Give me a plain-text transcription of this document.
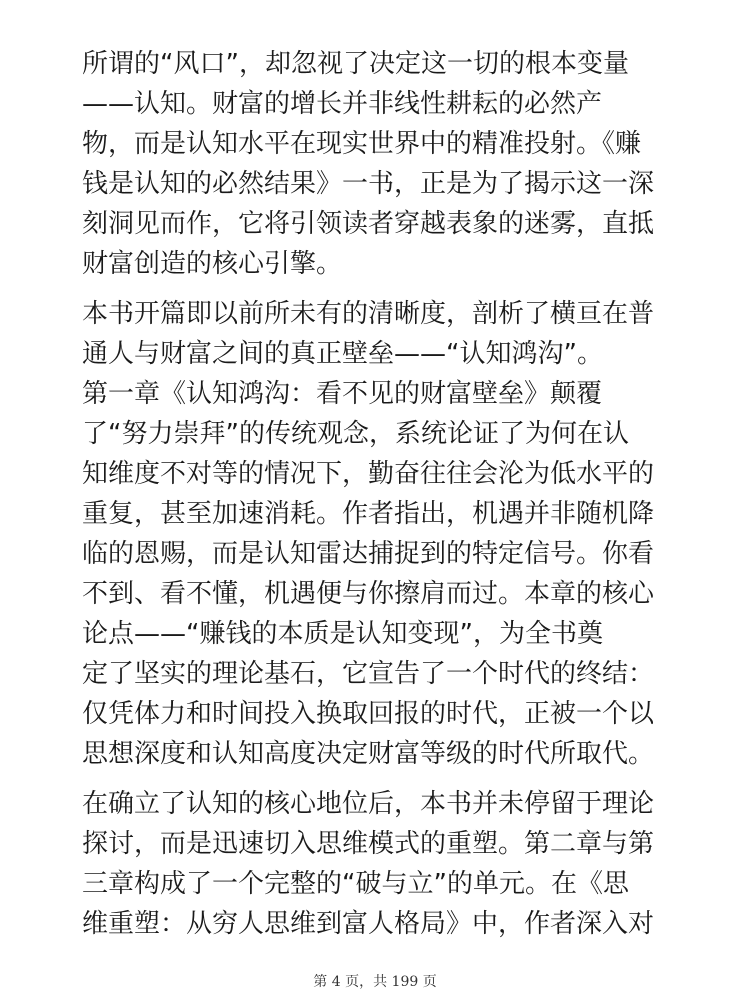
所谓的“风口”，却忽视了决定这一切的根本变量
——认知。财富的增长并非线性耕耘的必然产
物，而是认知水平在现实世界中的精准投射。《赚
钱是认知的必然结果》一书，正是为了揭示这一深
刻洞见而作，它将引领读者穿越表象的迷雾，直抵
财富创造的核心引擎。
本书开篇即以前所未有的清晰度，剖析了横亘在普
通人与财富之间的真正壁垒——“认知鸿沟”。
第一章《认知鸿沟：看不见的财富壁垒》颠覆
了“努力崇拜”的传统观念，系统论证了为何在认
知维度不对等的情况下，勤奋往往会沦为低水平的
重复，甚至加速消耗。作者指出，机遇并非随机降
临的恩赐，而是认知雷达捕捉到的特定信号。你看
不到、看不懂，机遇便与你擦肩而过。本章的核心
论点——“赚钱的本质是认知变现”，为全书奠
定了坚实的理论基石，它宣告了一个时代的终结：
仅凭体力和时间投入换取回报的时代，正被一个以
思想深度和认知高度决定财富等级的时代所取代。
在确立了认知的核心地位后，本书并未停留于理论
探讨，而是迅速切入思维模式的重塑。第二章与第
三章构成了一个完整的“破与立”的单元。在《思
维重塑：从穷人思维到富人格局》中，作者深入对
第 4 页，共 199 页
